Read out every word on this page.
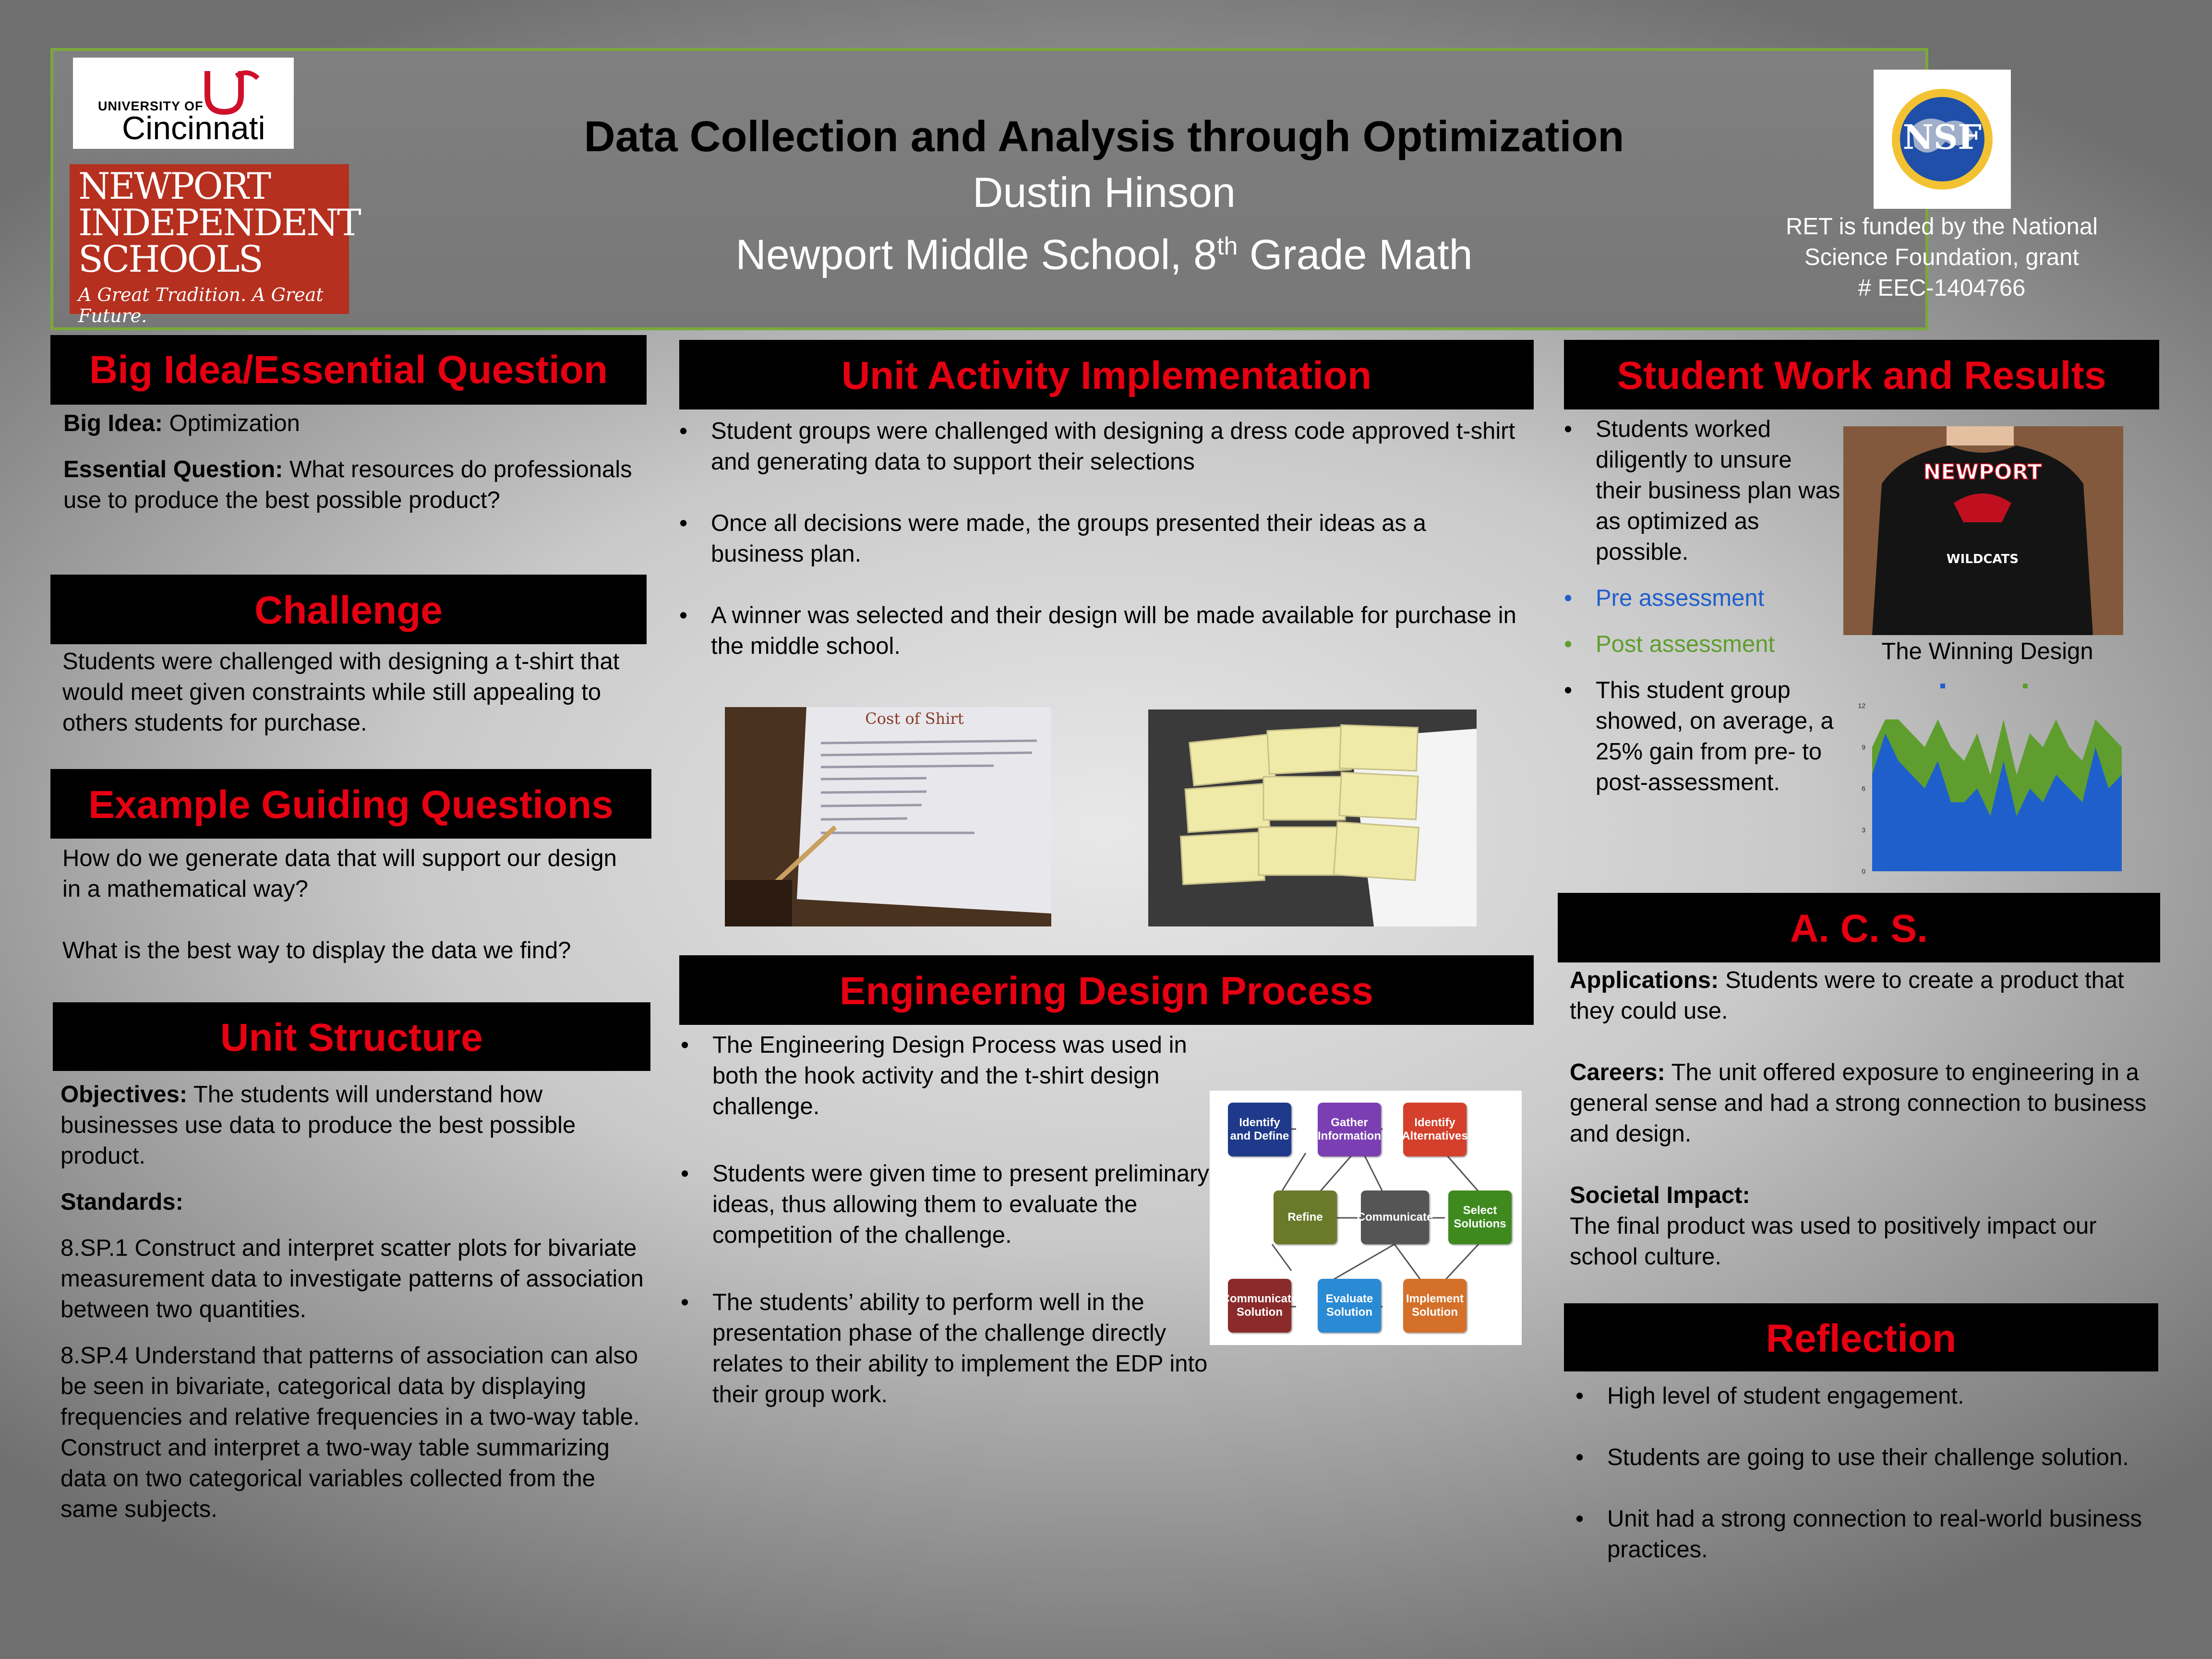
UNIVERSITY OF
Cincinnati
NEWPORT
INDEPENDENT
SCHOOLS
A Great Tradition. A Great Future.
Data Collection and Analysis through Optimization
Dustin Hinson
Newport Middle School, 8th Grade Math
NSF
RET is funded by the National
Science Foundation, grant
# EEC-1404766
Big Idea/Essential Question

Big Idea: Optimization

Essential Question: What resources do professionals use to produce the best possible product?

Challenge
Students were challenged with designing a t-shirt that would meet given constraints while still appealing to others students for purchase.
Example Guiding Questions

How do we generate data that will support our design in a mathematical way?

What is the best way to display the data we find?

Unit Structure

Objectives: The students will understand how businesses use data to produce the best possible product.

Standards:

8.SP.1 Construct and interpret scatter plots for bivariate measurement data to investigate patterns of association between two quantities.

8.SP.4 Understand that patterns of association can also be seen in bivariate, categorical data by displaying frequencies and relative frequencies in a two-way table. Construct and interpret a two-way table summarizing data on two categorical variables collected from the same subjects.

Unit Activity Implementation
• Student groups were challenged with designing a dress code approved t-shirt and generating data to support their selections
• Once all decisions were made, the groups presented their ideas as a business plan.
• A winner was selected and their design will be made available for purchase in the middle school.
Cost of Shirt
Engineering Design Process
• The Engineering Design Process was used in both the hook activity and the t-shirt design challenge.
• Students were given time to present preliminary ideas, thus allowing them to evaluate the competition of the challenge.
• The students’ ability to perform well in the presentation phase of the challenge directly relates to their ability to implement the EDP into their group work.
Identify and Define
Gather Information
Identify Alternatives
Refine	Communicate
Select Solutions
Communicate Solution
Evaluate Solution
Implement Solution
Student Work and Results
• Students worked diligently to unsure their business plan was as optimized as possible.
• Pre assessment
• Post assessment
• This student group showed, on average, a 25% gain from pre- to post-assessment.
NEWPORT
WILDCATS
The Winning Design
0
3
6
9
12
A. C. S.

Applications: Students were to create a product that they could use.

Careers: The unit offered exposure to engineering in a general sense and had a strong connection to business and design.

Societal Impact:

The final product was used to positively impact our school culture.

Reflection
• High level of student engagement.
• Students are going to use their challenge solution.
• Unit had a strong connection to real-world business practices.
